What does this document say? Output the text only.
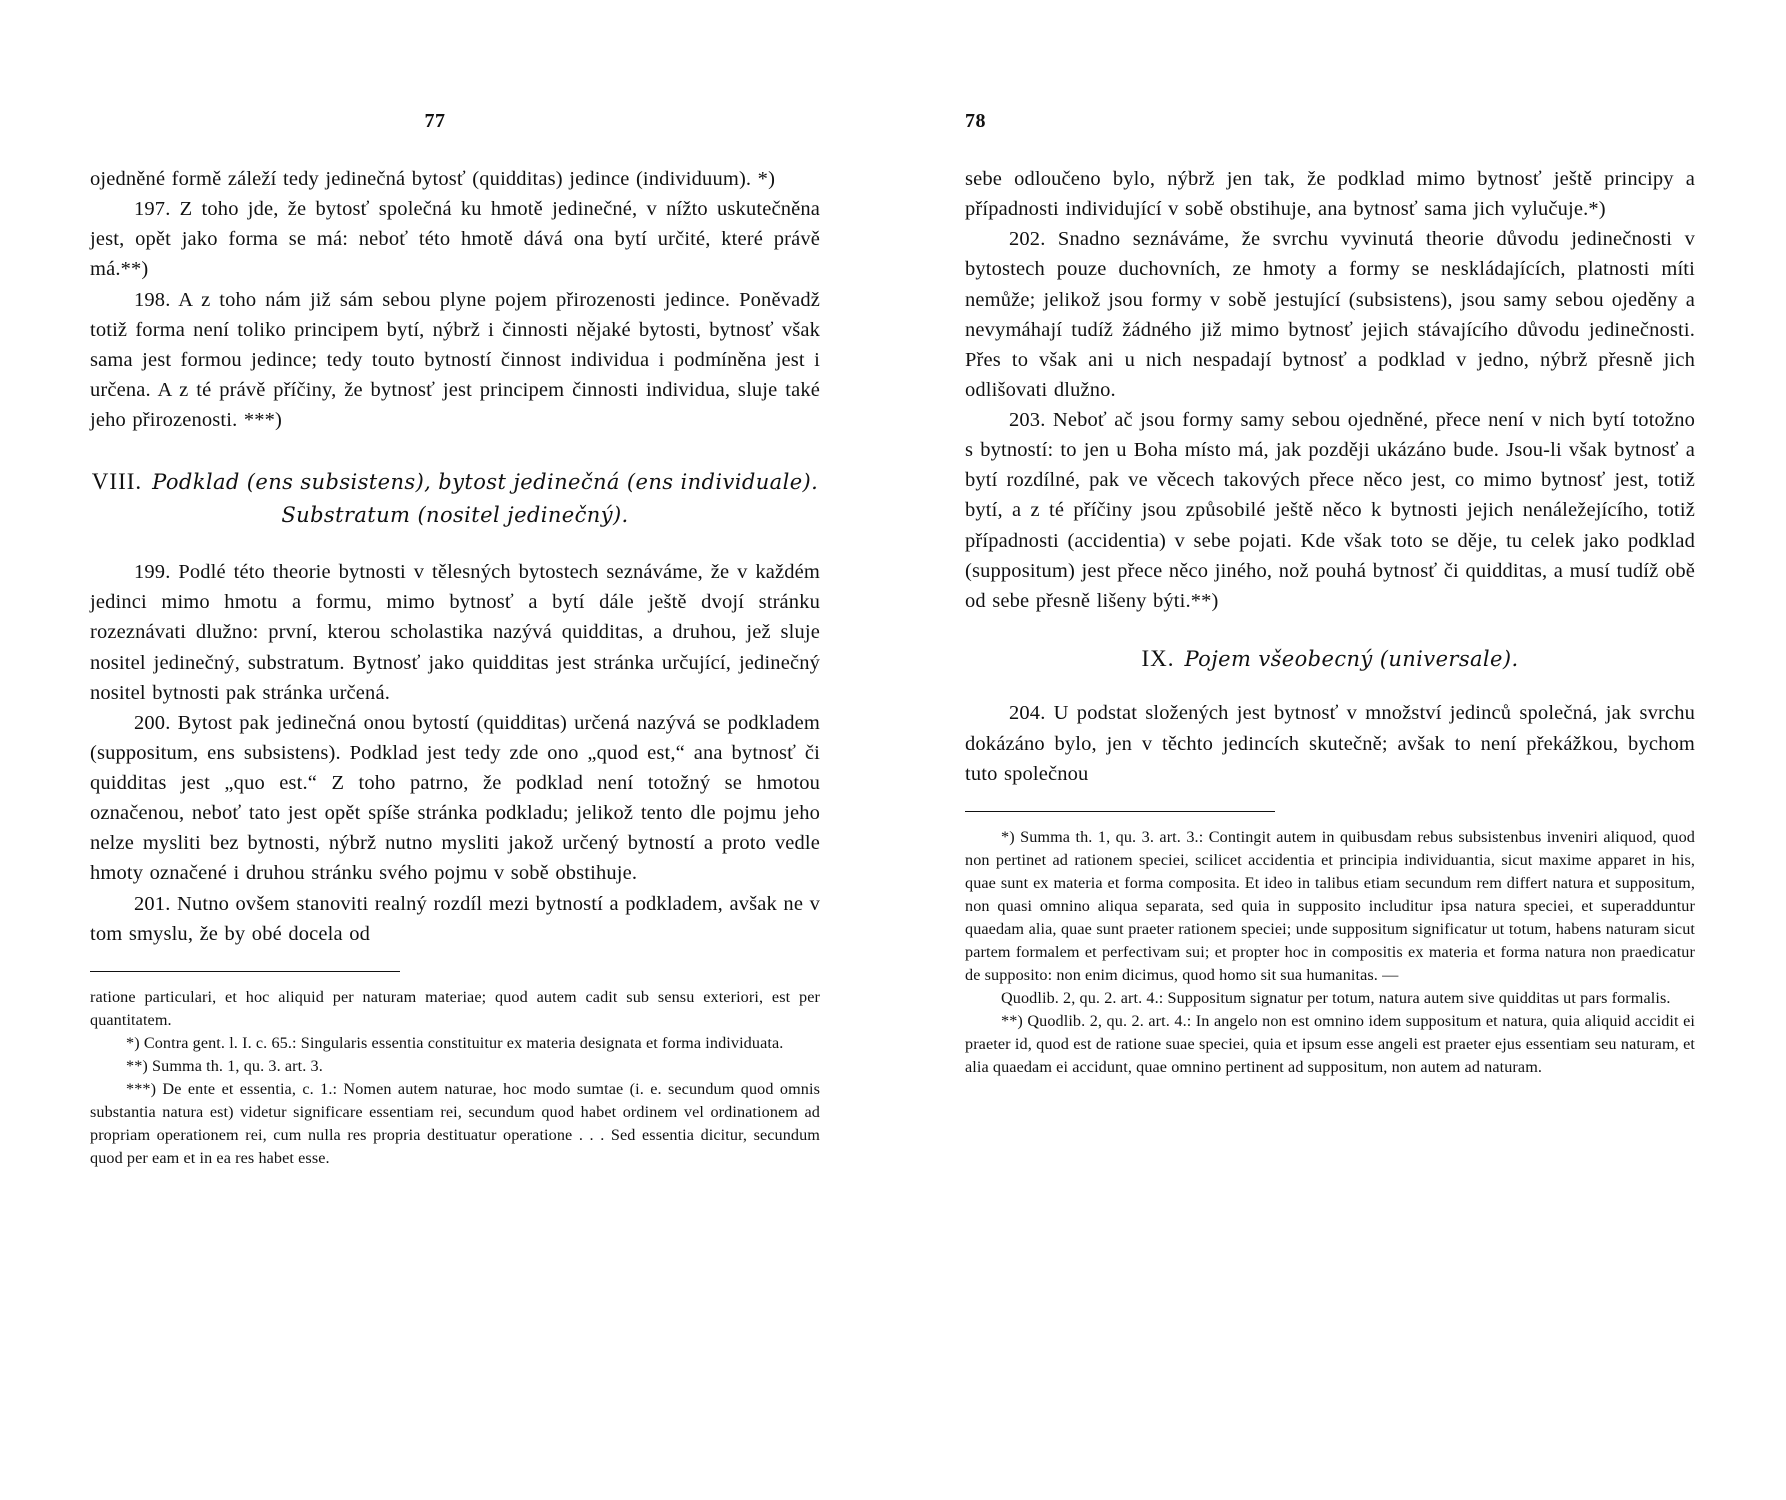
77

ojedněné formě záleží tedy jedinečná bytosť (quidditas) jedince (individuum). *)

197. Z toho jde, že bytosť společná ku hmotě jedinečné, v nížto uskutečněna jest, opět jako forma se má: neboť této hmotě dává ona bytí určité, které právě má.**)

198. A z toho nám již sám sebou plyne pojem přirozenosti jedince. Poněvadž totiž forma není toliko principem bytí, nýbrž i činnosti nějaké bytosti, bytnosť však sama jest formou jedince; tedy touto bytností činnost individua i podmíněna jest i určena. A z té právě příčiny, že bytnosť jest principem činnosti individua, sluje také jeho přirozenosti. ***)

VIII. Podklad (ens subsistens), bytost jedinečná (ens individuale). Substratum (nositel jedinečný).

199. Podlé této theorie bytnosti v tělesných bytostech seznáváme, že v každém jedinci mimo hmotu a formu, mimo bytnosť a bytí dále ještě dvojí stránku rozeznávati dlužno: první, kterou scholastika nazývá quidditas, a druhou, jež sluje nositel jedinečný, substratum. Bytnosť jako quidditas jest stránka určující, jedinečný nositel bytnosti pak stránka určená.

200. Bytost pak jedinečná onou bytostí (quidditas) určená nazývá se podkladem (suppositum, ens subsistens). Podklad jest tedy zde ono „quod est,“ ana bytnosť či quidditas jest „quo est.“ Z toho patrno, že podklad není totožný se hmotou označenou, neboť tato jest opět spíše stránka podkladu; jelikož tento dle pojmu jeho nelze mysliti bez bytnosti, nýbrž nutno mysliti jakož určený bytností a proto vedle hmoty označené i druhou stránku svého pojmu v sobě obstihuje.

201. Nutno ovšem stanoviti realný rozdíl mezi bytností a podkladem, avšak ne v tom smyslu, že by obé docela od

ratione particulari, et hoc aliquid per naturam materiae; quod autem cadit sub sensu exteriori, est per quantitatem.

*) Contra gent. l. I. c. 65.: Singularis essentia constituitur ex materia designata et forma individuata.

**) Summa th. 1, qu. 3. art. 3.

***) De ente et essentia, c. 1.: Nomen autem naturae, hoc modo sumtae (i. e. secundum quod omnis substantia natura est) videtur significare essentiam rei, secundum quod habet ordinem vel ordinationem ad propriam operationem rei, cum nulla res propria destituatur operatione . . . Sed essentia dicitur, secundum quod per eam et in ea res habet esse.

78

sebe odloučeno bylo, nýbrž jen tak, že podklad mimo bytnosť ještě principy a případnosti individující v sobě obstihuje, ana bytnosť sama jich vylučuje.*)

202. Snadno seznáváme, že svrchu vyvinutá theorie důvodu jedinečnosti v bytostech pouze duchovních, ze hmoty a formy se neskládajících, platnosti míti nemůže; jelikož jsou formy v sobě jestující (subsistens), jsou samy sebou ojeděny a nevymáhají tudíž žádného již mimo bytnosť jejich stávajícího důvodu jedinečnosti. Přes to však ani u nich nespadají bytnosť a podklad v jedno, nýbrž přesně jich odlišovati dlužno.

203. Neboť ač jsou formy samy sebou ojedněné, přece není v nich bytí totožno s bytností: to jen u Boha místo má, jak později ukázáno bude. Jsou-li však bytnosť a bytí rozdílné, pak ve věcech takových přece něco jest, co mimo bytnosť jest, totiž bytí, a z té příčiny jsou způsobilé ještě něco k bytnosti jejich nenáležejícího, totiž případnosti (accidentia) v sebe pojati. Kde však toto se děje, tu celek jako podklad (suppositum) jest přece něco jiného, nož pouhá bytnosť či quidditas, a musí tudíž obě od sebe přesně lišeny býti.**)

IX. Pojem všeobecný (universale).

204. U podstat složených jest bytnosť v množství jedinců společná, jak svrchu dokázáno bylo, jen v těchto jedincích skutečně; avšak to není překážkou, bychom tuto společnou

*) Summa th. 1, qu. 3. art. 3.: Contingit autem in quibusdam rebus subsistenbus inveniri aliquod, quod non pertinet ad rationem speciei, scilicet accidentia et principia individuantia, sicut maxime apparet in his, quae sunt ex materia et forma composita. Et ideo in talibus etiam secundum rem differt natura et suppositum, non quasi omnino aliqua separata, sed quia in supposito includitur ipsa natura speciei, et superadduntur quaedam alia, quae sunt praeter rationem speciei; unde suppositum significatur ut totum, habens naturam sicut partem formalem et perfectivam sui; et propter hoc in compositis ex materia et forma natura non praedicatur de supposito: non enim dicimus, quod homo sit sua humanitas. —

Quodlib. 2, qu. 2. art. 4.: Suppositum signatur per totum, natura autem sive quidditas ut pars formalis.

**) Quodlib. 2, qu. 2. art. 4.: In angelo non est omnino idem suppositum et natura, quia aliquid accidit ei praeter id, quod est de ratione suae speciei, quia et ipsum esse angeli est praeter ejus essentiam seu naturam, et alia quaedam ei accidunt, quae omnino pertinent ad suppositum, non autem ad naturam.
